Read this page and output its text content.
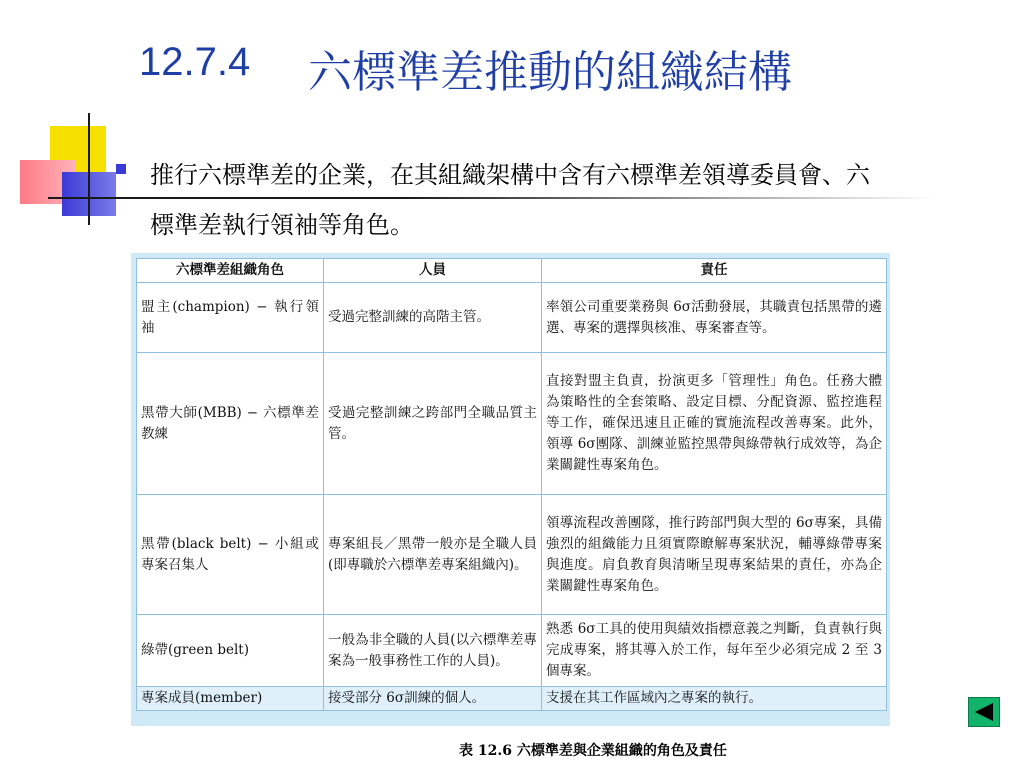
12.7.4 六標準差推動的組織結構
推行六標準差的企業，在其組織架構中含有六標準差領導委員會、六
標準差執行領袖等角色。
六標準差組織角色	人員	責任
盟主(champion) − 執行領袖	受過完整訓練的高階主管。	率領公司重要業務與 6σ活動發展，其職責包括黑帶的遴選、專案的選擇與核准、專案審查等。
黑帶大師(MBB) − 六標準差教練	受過完整訓練之跨部門全職品質主管。	直接對盟主負責，扮演更多「管理性」角色。任務大體為策略性的全套策略、設定目標、分配資源、監控進程等工作，確保迅速且正確的實施流程改善專案。此外，領導 6σ團隊、訓練並監控黑帶與綠帶執行成效等，為企業關鍵性專案角色。
黑帶(black belt) − 小組或專案召集人	專案組長／黑帶一般亦是全職人員(即專職於六標準差專案組織內)。	領導流程改善團隊，推行跨部門與大型的 6σ專案，具備強烈的組織能力且須實際瞭解專案狀況，輔導綠帶專案與進度。肩負教育與清晰呈現專案結果的責任，亦為企業關鍵性專案角色。
綠帶(green belt)	一般為非全職的人員(以六標準差專案為一般事務性工作的人員)。	熟悉 6σ工具的使用與績效指標意義之判斷，負責執行與完成專案，將其導入於工作，每年至少必須完成 2 至 3 個專案。
專案成員(member)	接受部分 6σ訓練的個人。	支援在其工作區域內之專案的執行。
表 12.6 六標準差與企業組織的角色及責任
